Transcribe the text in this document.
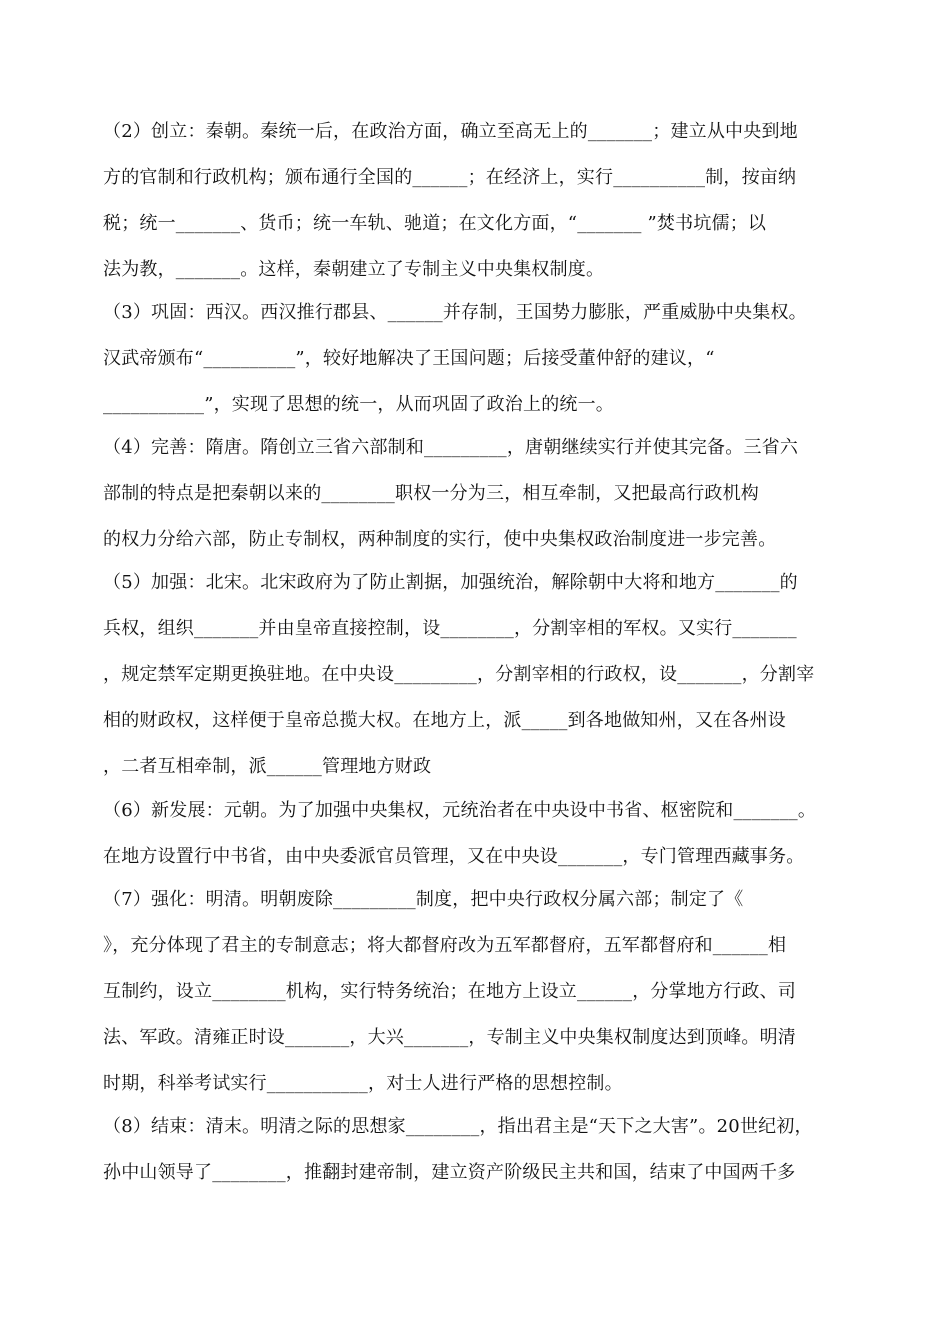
（2）创立：秦朝。秦统一后，在政治方面，确立至高无上的_______；建立从中央到地
方的官制和行政机构；颁布通行全国的______；在经济上，实行__________制，按亩纳
税；统一_______、货币；统一车轨、驰道；在文化方面，“_______ ”焚书坑儒；以
法为教，_______。这样，秦朝建立了专制主义中央集权制度。
（3）巩固：西汉。西汉推行郡县、______并存制，王国势力膨胀，严重威胁中央集权。
汉武帝颁布“__________”，较好地解决了王国问题；后接受董仲舒的建议，“
___________”，实现了思想的统一，从而巩固了政治上的统一。
（4）完善：隋唐。隋创立三省六部制和_________，唐朝继续实行并使其完备。三省六
部制的特点是把秦朝以来的________职权一分为三，相互牵制，又把最高行政机构
的权力分给六部，防止专制权，两种制度的实行，使中央集权政治制度进一步完善。
（5）加强：北宋。北宋政府为了防止割据，加强统治，解除朝中大将和地方_______的
兵权，组织_______并由皇帝直接控制，设________，分割宰相的军权。又实行_______
，规定禁军定期更换驻地。在中央设_________，分割宰相的行政权，设_______，分割宰
相的财政权，这样便于皇帝总揽大权。在地方上，派_____到各地做知州，又在各州设
，二者互相牵制，派______管理地方财政
（6）新发展：元朝。为了加强中央集权，元统治者在中央设中书省、枢密院和_______。
在地方设置行中书省，由中央委派官员管理，又在中央设_______，专门管理西藏事务。
（7）强化：明清。明朝废除_________制度，把中央行政权分属六部；制定了《
》，充分体现了君主的专制意志；将大都督府改为五军都督府，五军都督府和______相
互制约，设立________机构，实行特务统治；在地方上设立______，分掌地方行政、司
法、军政。清雍正时设_______，大兴_______，专制主义中央集权制度达到顶峰。明清
时期，科举考试实行___________，对士人进行严格的思想控制。
（8）结束：清末。明清之际的思想家________，指出君主是“天下之大害”。20世纪初，
孙中山领导了________，推翻封建帝制，建立资产阶级民主共和国，结束了中国两千多
